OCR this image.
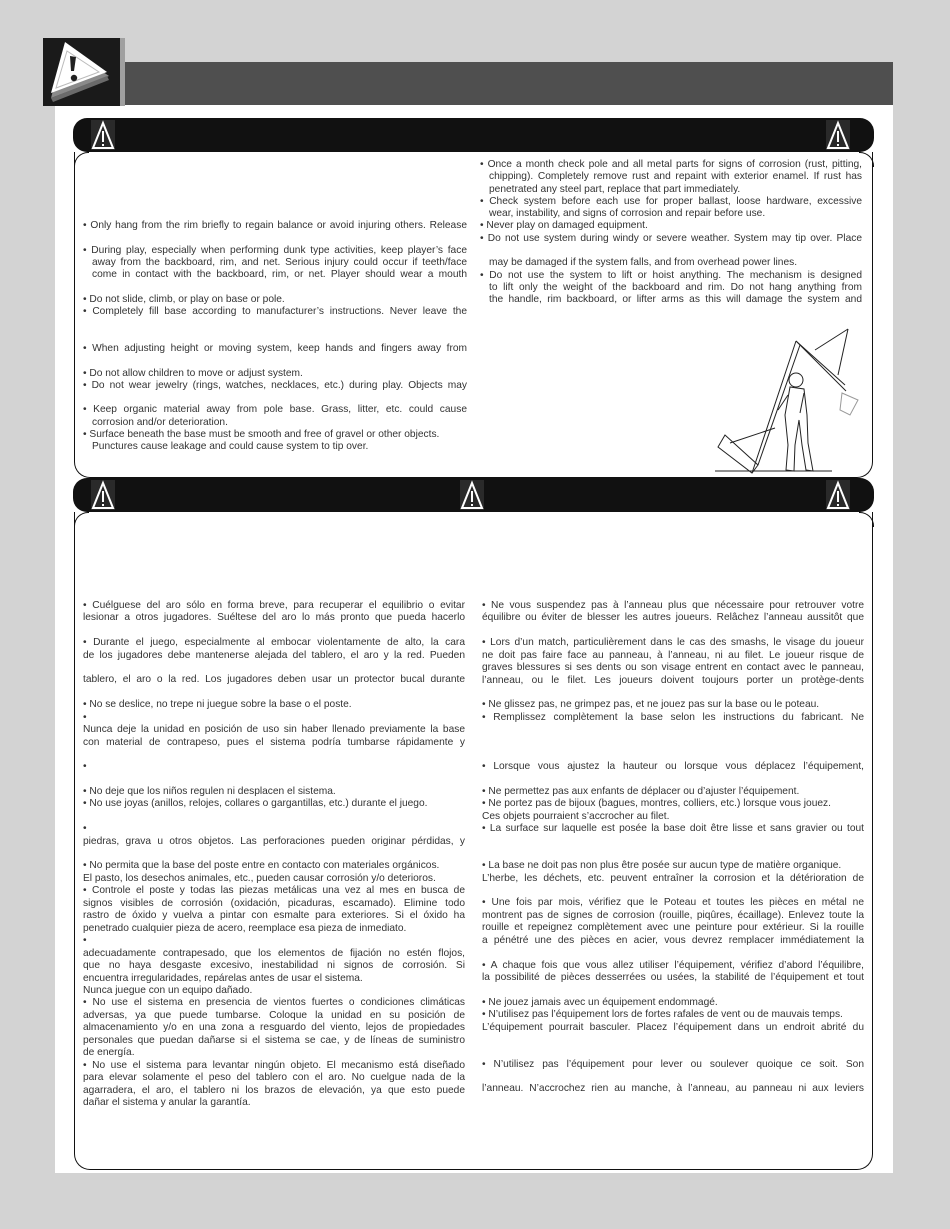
• Only hang from the rim briefly to regain balance or avoid injuring others. Release

• During play, especially when performing dunk type activities, keep player’s face

away from the backboard, rim, and net. Serious injury could occur if teeth/face

come in contact with the backboard, rim, or net. Player should wear a mouth

• Do not slide, climb, or play on base or pole.

• Completely fill base according to manufacturer’s instructions. Never leave the

• When adjusting height or moving system, keep hands and fingers away from

• Do not allow children to move or adjust system.

• Do not wear jewelry (rings, watches, necklaces, etc.) during play. Objects may

• Keep organic material away from pole base. Grass, litter, etc. could cause

corrosion and/or deterioration.

• Surface beneath the base must be smooth and free of gravel or other objects.

Punctures cause leakage and could cause system to tip over.

• Once a month check pole and all metal parts for signs of corrosion (rust, pitting,

chipping). Completely remove rust and repaint with exterior enamel. If rust has

penetrated any steel part, replace that part immediately.

• Check system before each use for proper ballast, loose hardware, excessive

wear, instability, and signs of corrosion and repair before use.

• Never play on damaged equipment.

• Do not use system during windy or severe weather. System may tip over. Place

may be damaged if the system falls, and from overhead power lines.

• Do not use the system to lift or hoist anything. The mechanism is designed

to lift only the weight of the backboard and rim. Do not hang anything from

the handle, rim backboard, or lifter arms as this will damage the system and

• Cuélguese del aro sólo en forma breve, para recuperar el equilibrio o evitar

lesionar a otros jugadores. Suéltese del aro lo más pronto que pueda hacerlo

• Durante el juego, especialmente al embocar violentamente de alto, la cara

de los jugadores debe mantenerse alejada del tablero, el aro y la red. Pueden

tablero, el aro o la red. Los jugadores deben usar un protector bucal durante

• No se deslice, no trepe ni juegue sobre la base o el poste.

•

Nunca deje la unidad en posición de uso sin haber llenado previamente la base

con material de contrapeso, pues el sistema podría tumbarse rápidamente y

•

• No deje que los niños regulen ni desplacen el sistema.

• No use joyas (anillos, relojes, collares o gargantillas, etc.) durante el juego.

•

piedras, grava u otros objetos. Las perforaciones pueden originar pérdidas, y

• No permita que la base del poste entre en contacto con materiales orgánicos.

El pasto, los desechos animales, etc., pueden causar corrosión y/o deterioros.

• Controle el poste y todas las piezas metálicas una vez al mes en busca de

signos visibles de corrosión (oxidación, picaduras, escamado). Elimine todo

rastro de óxido y vuelva a pintar con esmalte para exteriores. Si el óxido ha

penetrado cualquier pieza de acero, reemplace esa pieza de inmediato.

•

adecuadamente contrapesado, que los elementos de fijación no estén flojos,

que no haya desgaste excesivo, inestabilidad ni signos de corrosión. Si

encuentra irregularidades, repárelas antes de usar el sistema.

Nunca juegue con un equipo dañado.

• No use el sistema en presencia de vientos fuertes o condiciones climáticas

adversas, ya que puede tumbarse. Coloque la unidad en su posición de

almacenamiento y/o en una zona a resguardo del viento, lejos de propiedades

personales que puedan dañarse si el sistema se cae, y de líneas de suministro

de energía.

• No use el sistema para levantar ningún objeto. El mecanismo está diseñado

para elevar solamente el peso del tablero con el aro. No cuelgue nada de la

agarradera, el aro, el tablero ni los brazos de elevación, ya que esto puede

dañar el sistema y anular la garantía.

• Ne vous suspendez pas à l’anneau plus que nécessaire pour retrouver votre

équilibre ou éviter de blesser les autres joueurs. Relâchez l’anneau aussitôt que

• Lors d’un match, particulièrement dans le cas des smashs, le visage du joueur

ne doit pas faire face au panneau, à l’anneau, ni au filet. Le joueur risque de

graves blessures si ses dents ou son visage entrent en contact avec le panneau,

l’anneau, ou le filet. Les joueurs doivent toujours porter un protège-dents

• Ne glissez pas, ne grimpez pas, et ne jouez pas sur la base ou le poteau.

• Remplissez complètement la base selon les instructions du fabricant. Ne

• Lorsque vous ajustez la hauteur ou lorsque vous déplacez l’équipement,

• Ne permettez pas aux enfants de déplacer ou d’ajuster l’équipement.

• Ne portez pas de bijoux (bagues, montres, colliers, etc.) lorsque vous jouez.

Ces objets pourraient s’accrocher au filet.

• La surface sur laquelle est posée la base doit être lisse et sans gravier ou tout

• La base ne doit pas non plus être posée sur aucun type de matière organique.

L’herbe, les déchets, etc. peuvent entraîner la corrosion et la détérioration de

• Une fois par mois, vérifiez que le Poteau et toutes les pièces en métal ne

montrent pas de signes de corrosion (rouille, piqûres, écaillage). Enlevez toute la

rouille et repeignez complètement avec une peinture pour extérieur. Si la rouille

a pénétré une des pièces en acier, vous devrez remplacer immédiatement la

• A chaque fois que vous allez utiliser l’équipement, vérifiez d’abord l’équilibre,

la possibilité de pièces desserrées ou usées, la stabilité de l’équipement et tout

• Ne jouez jamais avec un équipement endommagé.

• N’utilisez pas l’équipement lors de fortes rafales de vent ou de mauvais temps.

L’équipement pourrait basculer. Placez l’équipement dans un endroit abrité du

• N’utilisez pas l’équipement pour lever ou soulever quoique ce soit. Son

l’anneau. N’accrochez rien au manche, à l’anneau, au panneau ni aux leviers
